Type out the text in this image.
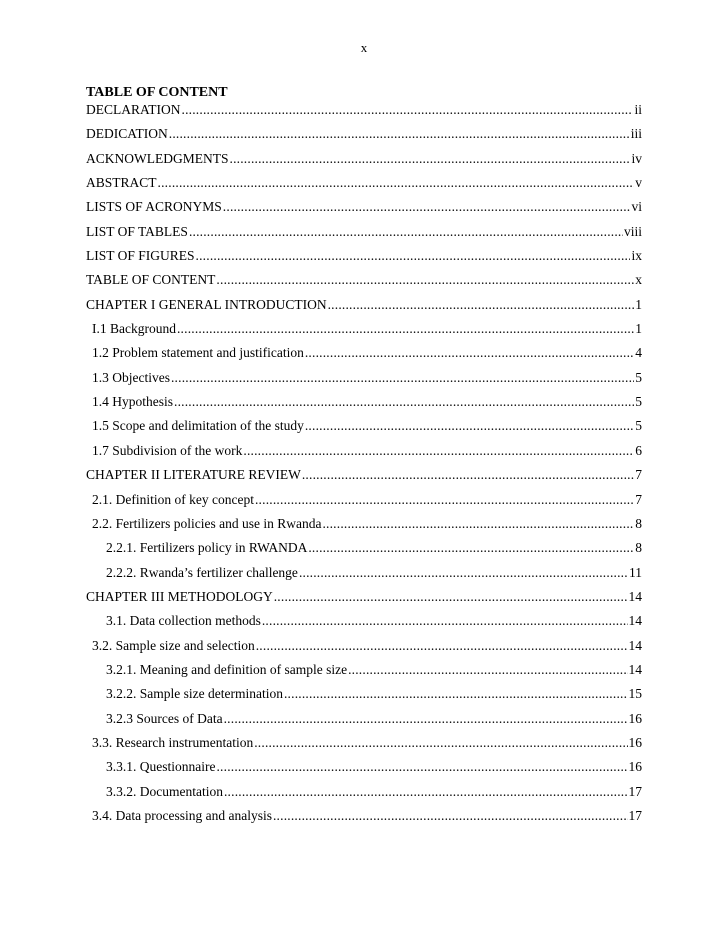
x
TABLE OF CONTENT
DECLARATION .....	ii
DEDICATION .....	iii
ACKNOWLEDGMENTS .....	iv
ABSTRACT .....	v
LISTS OF ACRONYMS .....	vi
LIST OF TABLES .....	viii
LIST OF FIGURES .....	ix
TABLE OF CONTENT .....	x
CHAPTER I GENERAL INTRODUCTION .....	1
I.1 Background .....	1
1.2 Problem statement and justification .....	4
1.3 Objectives .....	5
1.4 Hypothesis .....	5
1.5 Scope and delimitation of the study .....	5
1.7 Subdivision of the work .....	6
CHAPTER II LITERATURE REVIEW .....	7
2.1. Definition of key concept .....	7
2.2. Fertilizers policies and use in Rwanda .....	8
2.2.1. Fertilizers policy in RWANDA .....	8
2.2.2. Rwanda’s fertilizer challenge .....	11
CHAPTER III METHODOLOGY .....	14
3.1. Data collection methods .....	14
3.2. Sample size and selection .....	14
3.2.1. Meaning and definition of sample size .....	14
3.2.2. Sample size determination .....	15
3.2.3 Sources of Data .....	16
3.3. Research instrumentation .....	16
3.3.1. Questionnaire .....	16
3.3.2. Documentation .....	17
3.4. Data processing and analysis .....	17
